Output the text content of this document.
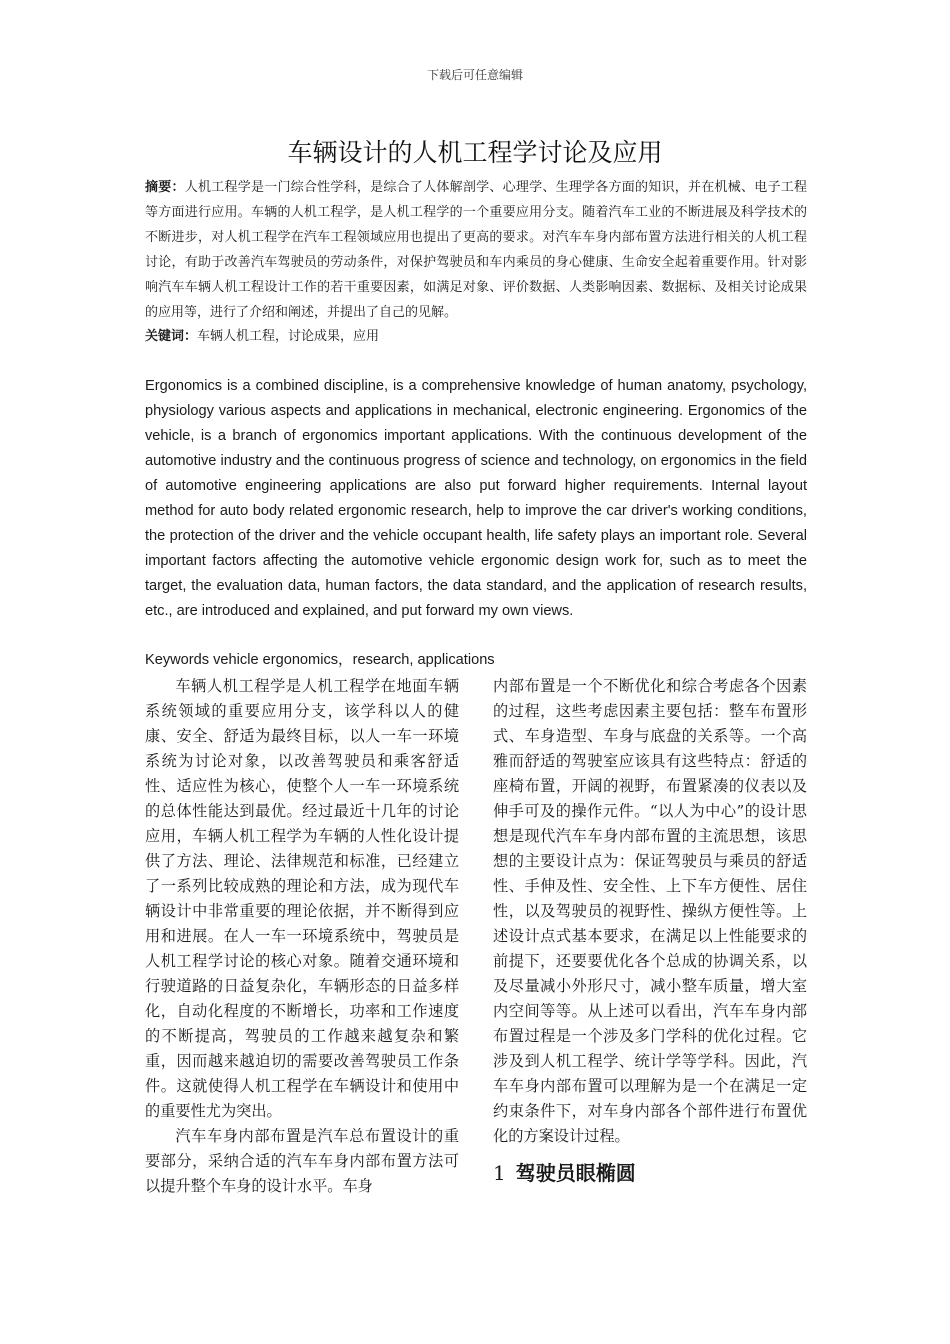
下载后可任意编辑
车辆设计的人机工程学讨论及应用

摘要：人机工程学是一门综合性学科，是综合了人体解剖学、心理学、生理学各方面的知识，并在机械、电子工程等方面进行应用。车辆的人机工程学，是人机工程学的一个重要应用分支。随着汽车工业的不断进展及科学技术的不断进步，对人机工程学在汽车工程领域应用也提出了更高的要求。对汽车车身内部布置方法进行相关的人机工程讨论，有助于改善汽车驾驶员的劳动条件，对保护驾驶员和车内乘员的身心健康、生命安全起着重要作用。针对影响汽车车辆人机工程设计工作的若干重要因素，如满足对象、评价数据、人类影响因素、数据标、及相关讨论成果的应用等，进行了介绍和阐述，并提出了自己的见解。

关键词：车辆人机工程，讨论成果，应用

Ergonomics is a combined discipline, is a comprehensive knowledge of human anatomy, psychology, physiology various aspects and applications in mechanical, electronic engineering. Ergonomics of the vehicle, is a branch of ergonomics important applications. With the continuous development of the automotive industry and the continuous progress of science and technology, on ergonomics in the field of automotive engineering applications are also put forward higher requirements. Internal layout method for auto body related ergonomic research, help to improve the car driver's working conditions, the protection of the driver and the vehicle occupant health, life safety plays an important role. Several important factors affecting the automotive vehicle ergonomic design work for, such as to meet the target, the evaluation data, human factors, the data standard, and the application of research results, etc., are introduced and explained, and put forward my own views.

Keywords vehicle ergonomics，research, applications

车辆人机工程学是人机工程学在地面车辆系统领域的重要应用分支，该学科以人的健康、安全、舒适为最终目标，以人一车一环境系统为讨论对象，以改善驾驶员和乘客舒适性、适应性为核心，使整个人一车一环境系统的总体性能达到最优。经过最近十几年的讨论应用，车辆人机工程学为车辆的人性化设计提供了方法、理论、法律规范和标准，已经建立了一系列比较成熟的理论和方法，成为现代车辆设计中非常重要的理论依据，并不断得到应用和进展。在人一车一环境系统中，驾驶员是人机工程学讨论的核心对象。随着交通环境和行驶道路的日益复杂化，车辆形态的日益多样化，自动化程度的不断增长，功率和工作速度的不断提高，驾驶员的工作越来越复杂和繁重，因而越来越迫切的需要改善驾驶员工作条件。这就使得人机工程学在车辆设计和使用中的重要性尤为突出。

汽车车身内部布置是汽车总布置设计的重要部分，采纳合适的汽车车身内部布置方法可以提升整个车身的设计水平。车身

内部布置是一个不断优化和综合考虑各个因素的过程，这些考虑因素主要包括：整车布置形式、车身造型、车身与底盘的关系等。一个高雅而舒适的驾驶室应该具有这些特点：舒适的座椅布置，开阔的视野，布置紧凑的仪表以及伸手可及的操作元件。“以人为中心”的设计思想是现代汽车车身内部布置的主流思想，该思想的主要设计点为：保证驾驶员与乘员的舒适性、手伸及性、安全性、上下车方便性、居住性，以及驾驶员的视野性、操纵方便性等。上述设计点式基本要求，在满足以上性能要求的前提下，还要要优化各个总成的协调关系，以及尽量减小外形尺寸，减小整车质量，增大室内空间等等。从上述可以看出，汽车车身内部布置过程是一个涉及多门学科的优化过程。它涉及到人机工程学、统计学等学科。因此，汽车车身内部布置可以理解为是一个在满足一定约束条件下，对车身内部各个部件进行布置优化的方案设计过程。

1 驾驶员眼椭圆
